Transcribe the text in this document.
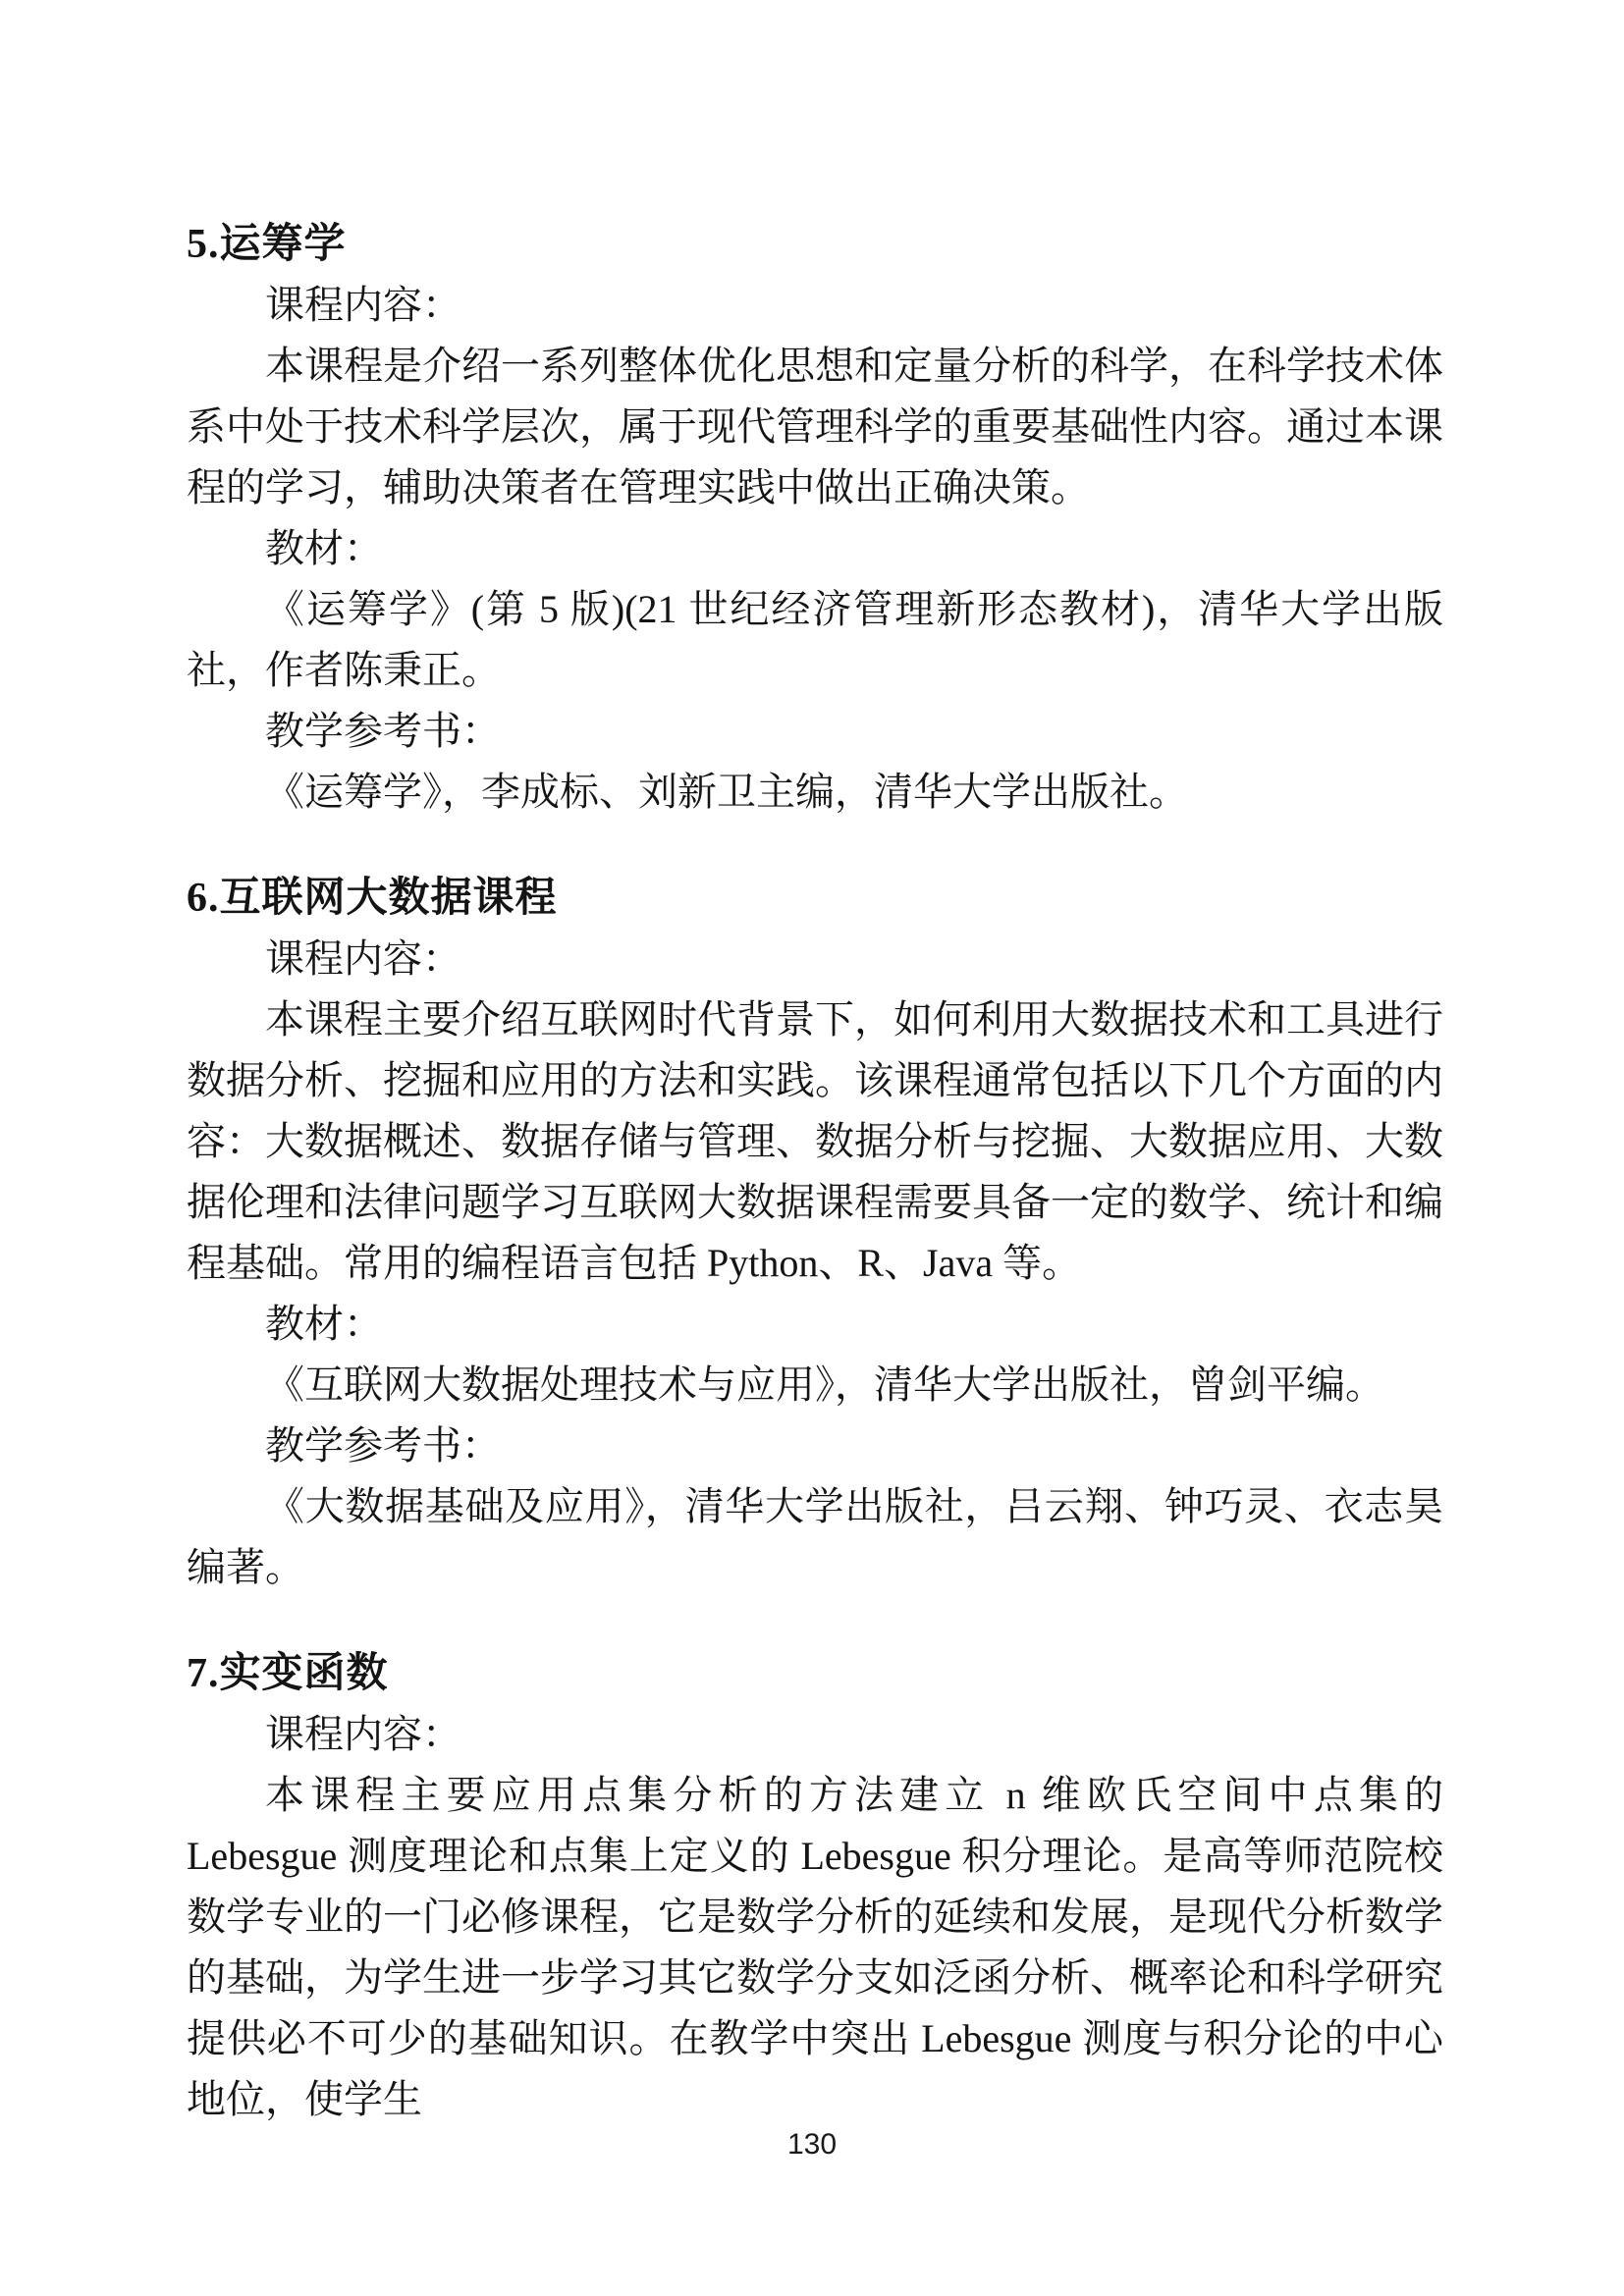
5.运筹学

课程内容：

本课程是介绍一系列整体优化思想和定量分析的科学，在科学技术体系中处于技术科学层次，属于现代管理科学的重要基础性内容。通过本课程的学习，辅助决策者在管理实践中做出正确决策。

教材：

《运筹学》(第 5 版)(21 世纪经济管理新形态教材)，清华大学出版社，作者陈秉正。

教学参考书：

《运筹学》，李成标、刘新卫主编，清华大学出版社。

6.互联网大数据课程

课程内容：

本课程主要介绍互联网时代背景下，如何利用大数据技术和工具进行数据分析、挖掘和应用的方法和实践。该课程通常包括以下几个方面的内容：大数据概述、数据存储与管理、数据分析与挖掘、大数据应用、大数据伦理和法律问题学习互联网大数据课程需要具备一定的数学、统计和编程基础。常用的编程语言包括 Python、R、Java 等。

教材：

《互联网大数据处理技术与应用》，清华大学出版社，曾剑平编。

教学参考书：

《大数据基础及应用》，清华大学出版社，吕云翔、钟巧灵、衣志昊编著。

7.实变函数

课程内容：

本课程主要应用点集分析的方法建立 n 维欧氏空间中点集的 Lebesgue 测度理论和点集上定义的 Lebesgue 积分理论。是高等师范院校数学专业的一门必修课程，它是数学分析的延续和发展，是现代分析数学的基础，为学生进一步学习其它数学分支如泛函分析、概率论和科学研究提供必不可少的基础知识。在教学中突出 Lebesgue 测度与积分论的中心地位，使学生

130
